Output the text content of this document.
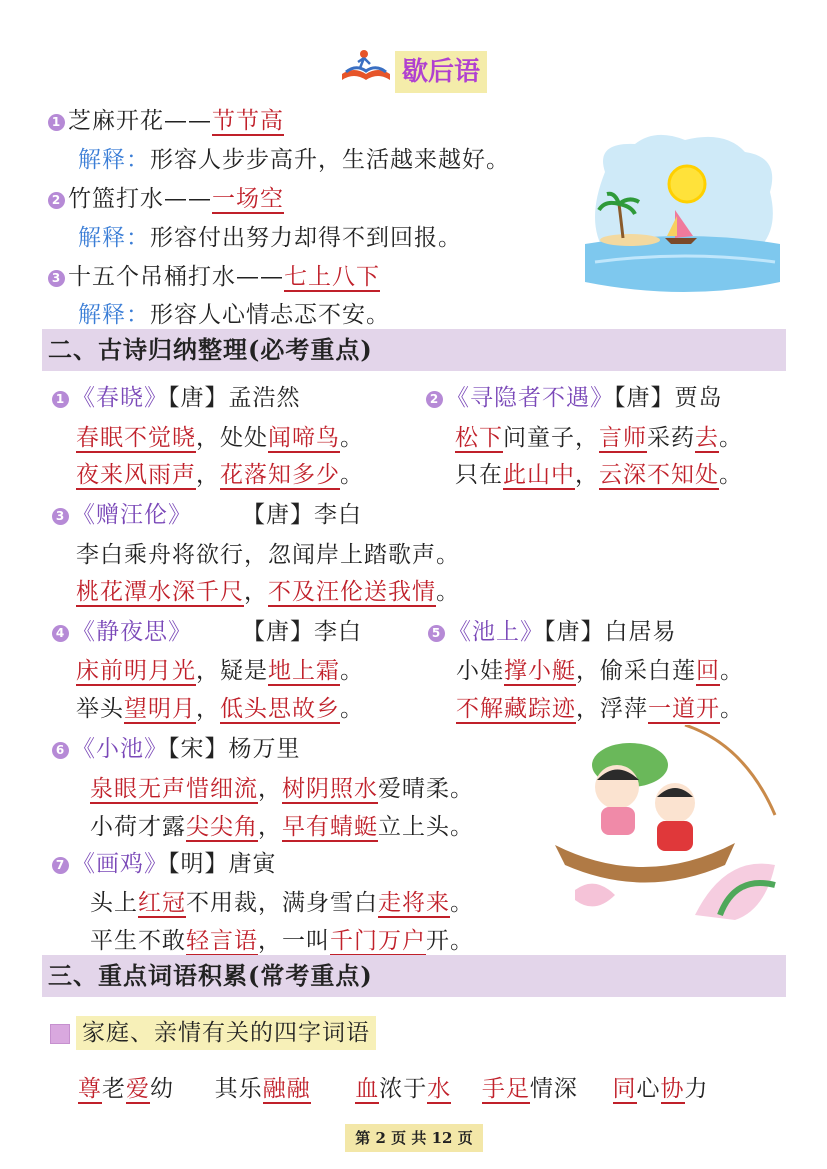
歇后语
1 芝麻开花——节节高
解释：形容人步步高升，生活越来越好。
2 竹篮打水——一场空
解释：形容付出努力却得不到回报。
3 十五个吊桶打水——七上八下
解释：形容人心情忐忑不安。
二、古诗归纳整理(必考重点)
1 《春晓》【唐】孟浩然
春眠不觉晓，处处闻啼鸟。
夜来风雨声，花落知多少。
2 《寻隐者不遇》【唐】贾岛
松下问童子，言师采药去。
只在此山中，云深不知处。
3 《赠汪伦》 【唐】李白
李白乘舟将欲行，忽闻岸上踏歌声。
桃花潭水深千尺，不及汪伦送我情。
4 《静夜思》 【唐】李白
床前明月光，疑是地上霜。
举头望明月，低头思故乡。
5 《池上》【唐】白居易
小娃撑小艇，偷采白莲回。
不解藏踪迹，浮萍一道开。
6 《小池》【宋】杨万里
泉眼无声惜细流，树阴照水爱晴柔。
小荷才露尖尖角，早有蜻蜓立上头。
7 《画鸡》【明】唐寅
头上红冠不用裁，满身雪白走将来。
平生不敢轻言语，一叫千门万户开。
三、重点词语积累(常考重点)
家庭、亲情有关的四字词语
尊老爱幼 其乐融融 血浓于水 手足情深 同心协力
第 2 页 共 12 页
